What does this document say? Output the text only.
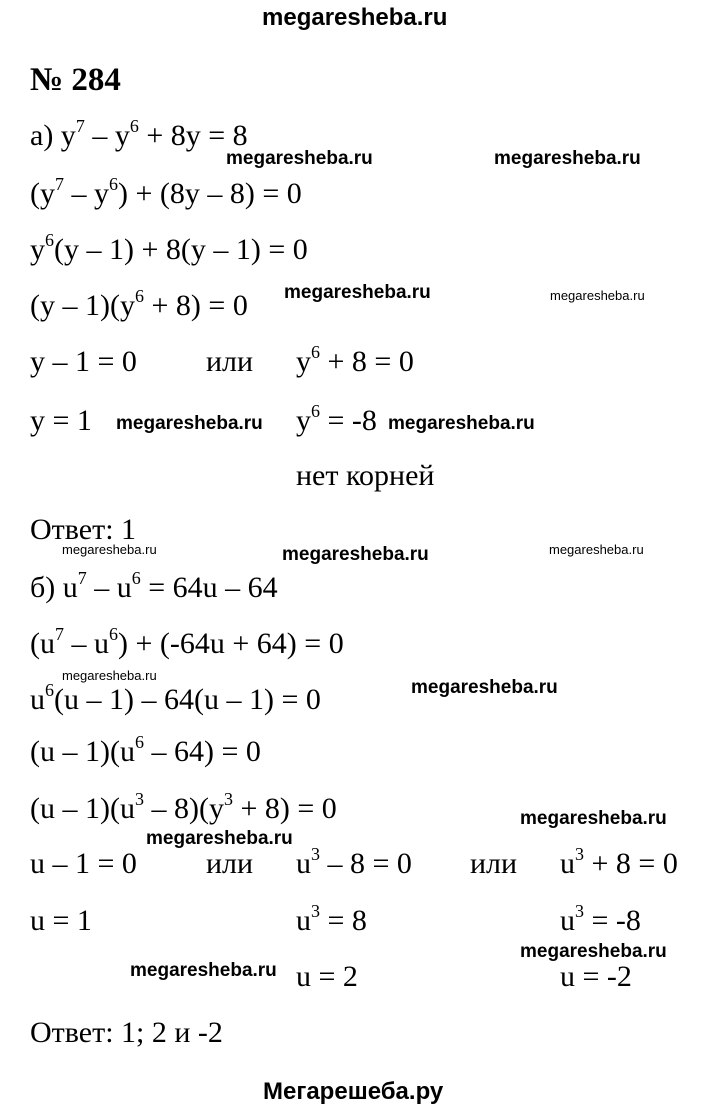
megaresheba.ru
№ 284
а) $y^7 - y^6 + 8y = 8$
$(y^7 - y^6) + (8y - 8) = 0$
$y^6(y - 1) + 8(y - 1) = 0$
$(y - 1)(y^6 + 8) = 0$
y – 1 = 0 или $y^6 + 8 = 0$
y = 1	$y^6 = -8$
нет корней
Ответ: 1
б) $u^7 - u^6 = 64u - 64$
$(u^7 - u^6) + (-64u + 64) = 0$
$u^6(u - 1) - 64(u - 1) = 0$
$(u - 1)(u^6 - 64) = 0$
$(u - 1)(u^3 - 8)(y^3 + 8) = 0$
u – 1 = 0 или $u^3 - 8 = 0$ или $u^3 + 8 = 0$
u = 1	$u^3 = 8$	$u^3 = -8$
u = 2	u = -2
Ответ: 1; 2 и -2
megaresheba.ru	megaresheba.ru
megaresheba.ru	megaresheba.ru
megaresheba.ru	megaresheba.ru
megaresheba.ru	megaresheba.ru	megaresheba.ru
megaresheba.ru
megaresheba.ru
megaresheba.ru
megaresheba.ru
megaresheba.ru
megaresheba.ru
Мегарешеба.ру
